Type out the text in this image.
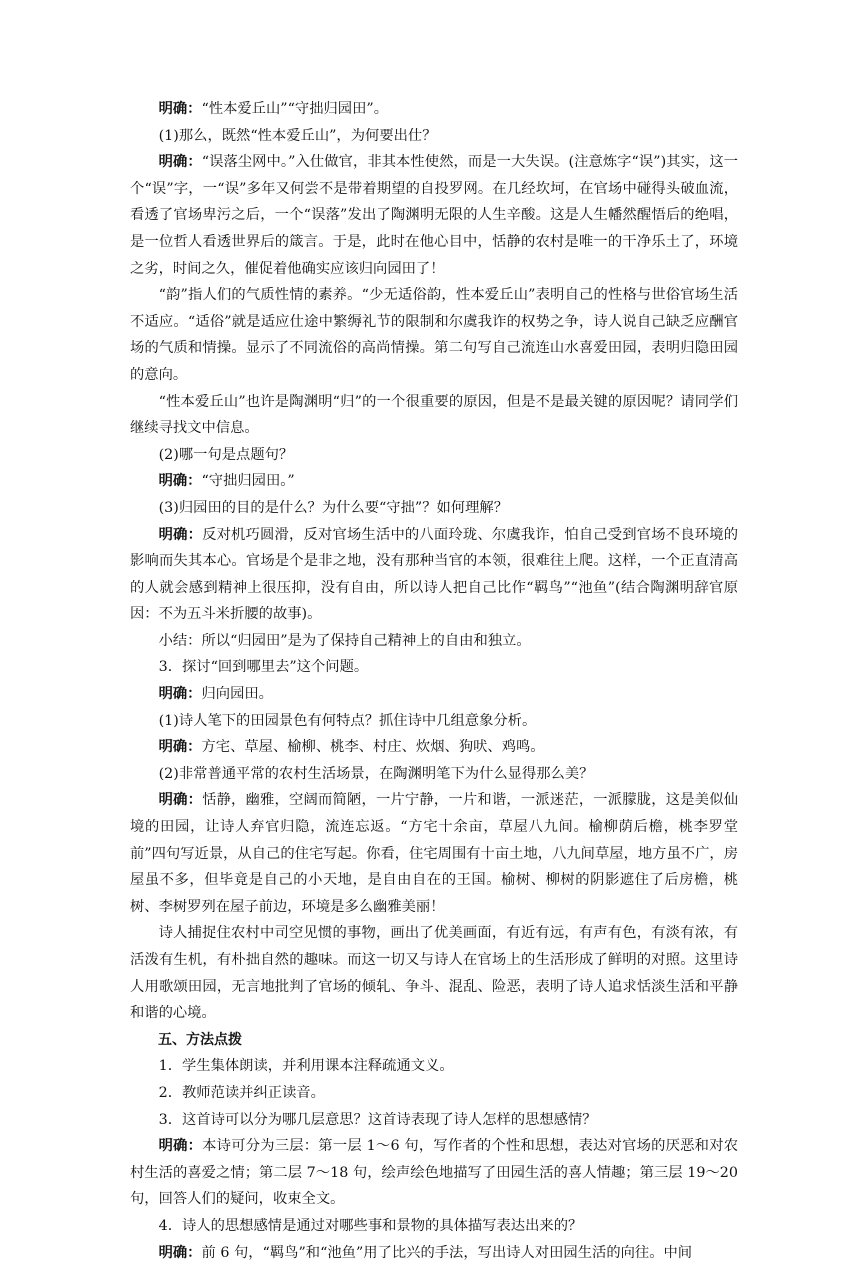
明确：“性本爱丘山”“守拙归园田”。

(1)那么，既然“性本爱丘山”，为何要出仕？

明确：“误落尘网中。”入仕做官，非其本性使然，而是一大失误。(注意炼字“误”)其实，这一个“误”字，一“误”多年又何尝不是带着期望的自投罗网。在几经坎坷，在官场中碰得头破血流，看透了官场卑污之后，一个“误落”发出了陶渊明无限的人生辛酸。这是人生幡然醒悟后的绝唱，是一位哲人看透世界后的箴言。于是，此时在他心目中，恬静的农村是唯一的干净乐土了，环境之劣，时间之久，催促着他确实应该归向园田了！

“韵”指人们的气质性情的素养。“少无适俗韵，性本爱丘山”表明自己的性格与世俗官场生活不适应。“适俗”就是适应仕途中繁缛礼节的限制和尔虞我诈的权势之争，诗人说自己缺乏应酬官场的气质和情操。显示了不同流俗的高尚情操。第二句写自己流连山水喜爱田园，表明归隐田园的意向。

“性本爱丘山”也许是陶渊明“归”的一个很重要的原因，但是不是最关键的原因呢？请同学们继续寻找文中信息。

(2)哪一句是点题句？

明确：“守拙归园田。”

(3)归园田的目的是什么？为什么要“守拙”？如何理解？

明确：反对机巧圆滑，反对官场生活中的八面玲珑、尔虞我诈，怕自己受到官场不良环境的影响而失其本心。官场是个是非之地，没有那种当官的本领，很难往上爬。这样，一个正直清高的人就会感到精神上很压抑，没有自由，所以诗人把自己比作“羁鸟”“池鱼”(结合陶渊明辞官原因：不为五斗米折腰的故事)。

小结：所以“归园田”是为了保持自己精神上的自由和独立。

3．探讨“回到哪里去”这个问题。

明确：归向园田。

(1)诗人笔下的田园景色有何特点？抓住诗中几组意象分析。

明确：方宅、草屋、榆柳、桃李、村庄、炊烟、狗吠、鸡鸣。

(2)非常普通平常的农村生活场景，在陶渊明笔下为什么显得那么美？

明确：恬静，幽雅，空阔而简陋，一片宁静，一片和谐，一派迷茫，一派朦胧，这是美似仙境的田园，让诗人弃官归隐，流连忘返。“方宅十余亩，草屋八九间。榆柳荫后檐，桃李罗堂前”四句写近景，从自己的住宅写起。你看，住宅周围有十亩土地，八九间草屋，地方虽不广，房屋虽不多，但毕竟是自己的小天地，是自由自在的王国。榆树、柳树的阴影遮住了后房檐，桃树、李树罗列在屋子前边，环境是多么幽雅美丽！

诗人捕捉住农村中司空见惯的事物，画出了优美画面，有近有远，有声有色，有淡有浓，有活泼有生机，有朴拙自然的趣味。而这一切又与诗人在官场上的生活形成了鲜明的对照。这里诗人用歌颂田园，无言地批判了官场的倾轧、争斗、混乱、险恶，表明了诗人追求恬淡生活和平静和谐的心境。

五、方法点拨

1．学生集体朗读，并利用课本注释疏通文义。

2．教师范读并纠正读音。

3．这首诗可以分为哪几层意思？这首诗表现了诗人怎样的思想感情？

明确：本诗可分为三层：第一层 1～6 句，写作者的个性和思想，表达对官场的厌恶和对农村生活的喜爱之情；第二层 7～18 句，绘声绘色地描写了田园生活的喜人情趣；第三层 19～20 句，回答人们的疑问，收束全文。

4．诗人的思想感情是通过对哪些事和景物的具体描写表达出来的？

明确：前 6 句，“羁鸟”和“池鱼”用了比兴的手法，写出诗人对田园生活的向往。中间
